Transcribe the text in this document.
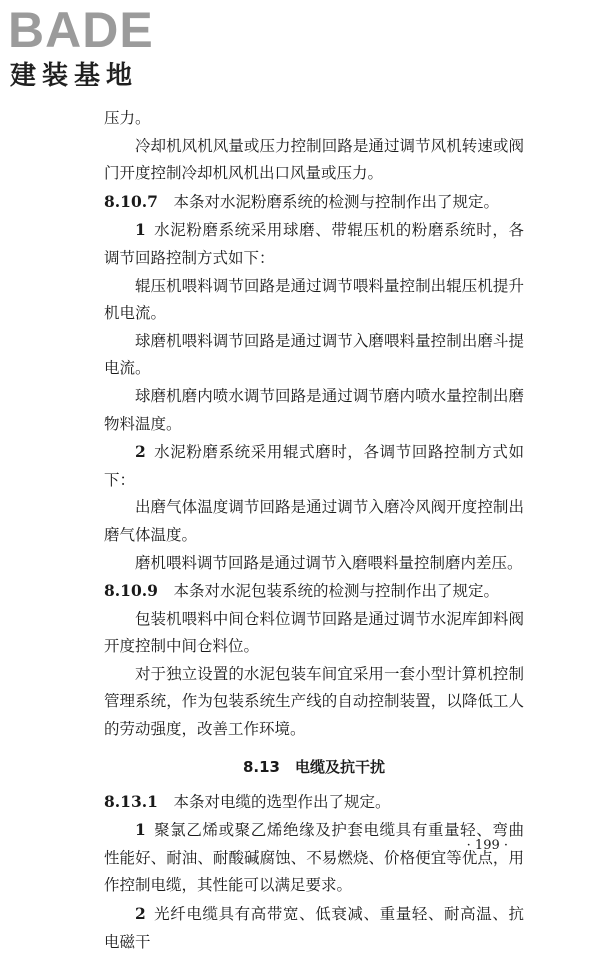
BADE
建装基地

压力。

冷却机风机风量或压力控制回路是通过调节风机转速或阀门开度控制冷却机风机出口风量或压力。

8.10.7   本条对水泥粉磨系统的检测与控制作出了规定。

1  水泥粉磨系统采用球磨、带辊压机的粉磨系统时，各调节回路控制方式如下：

辊压机喂料调节回路是通过调节喂料量控制出辊压机提升机电流。

球磨机喂料调节回路是通过调节入磨喂料量控制出磨斗提电流。

球磨机磨内喷水调节回路是通过调节磨内喷水量控制出磨物料温度。

2  水泥粉磨系统采用辊式磨时，各调节回路控制方式如下：

出磨气体温度调节回路是通过调节入磨冷风阀开度控制出磨气体温度。

磨机喂料调节回路是通过调节入磨喂料量控制磨内差压。

8.10.9   本条对水泥包装系统的检测与控制作出了规定。

包装机喂料中间仓料位调节回路是通过调节水泥库卸料阀开度控制中间仓料位。

对于独立设置的水泥包装车间宜采用一套小型计算机控制管理系统，作为包装系统生产线的自动控制装置，以降低工人的劳动强度，改善工作环境。

8.13  电缆及抗干扰

8.13.1   本条对电缆的选型作出了规定。

1  聚氯乙烯或聚乙烯绝缘及护套电缆具有重量轻、弯曲性能好、耐油、耐酸碱腐蚀、不易燃烧、价格便宜等优点，用作控制电缆，其性能可以满足要求。

2  光纤电缆具有高带宽、低衰减、重量轻、耐高温、抗电磁干

· 199 ·
